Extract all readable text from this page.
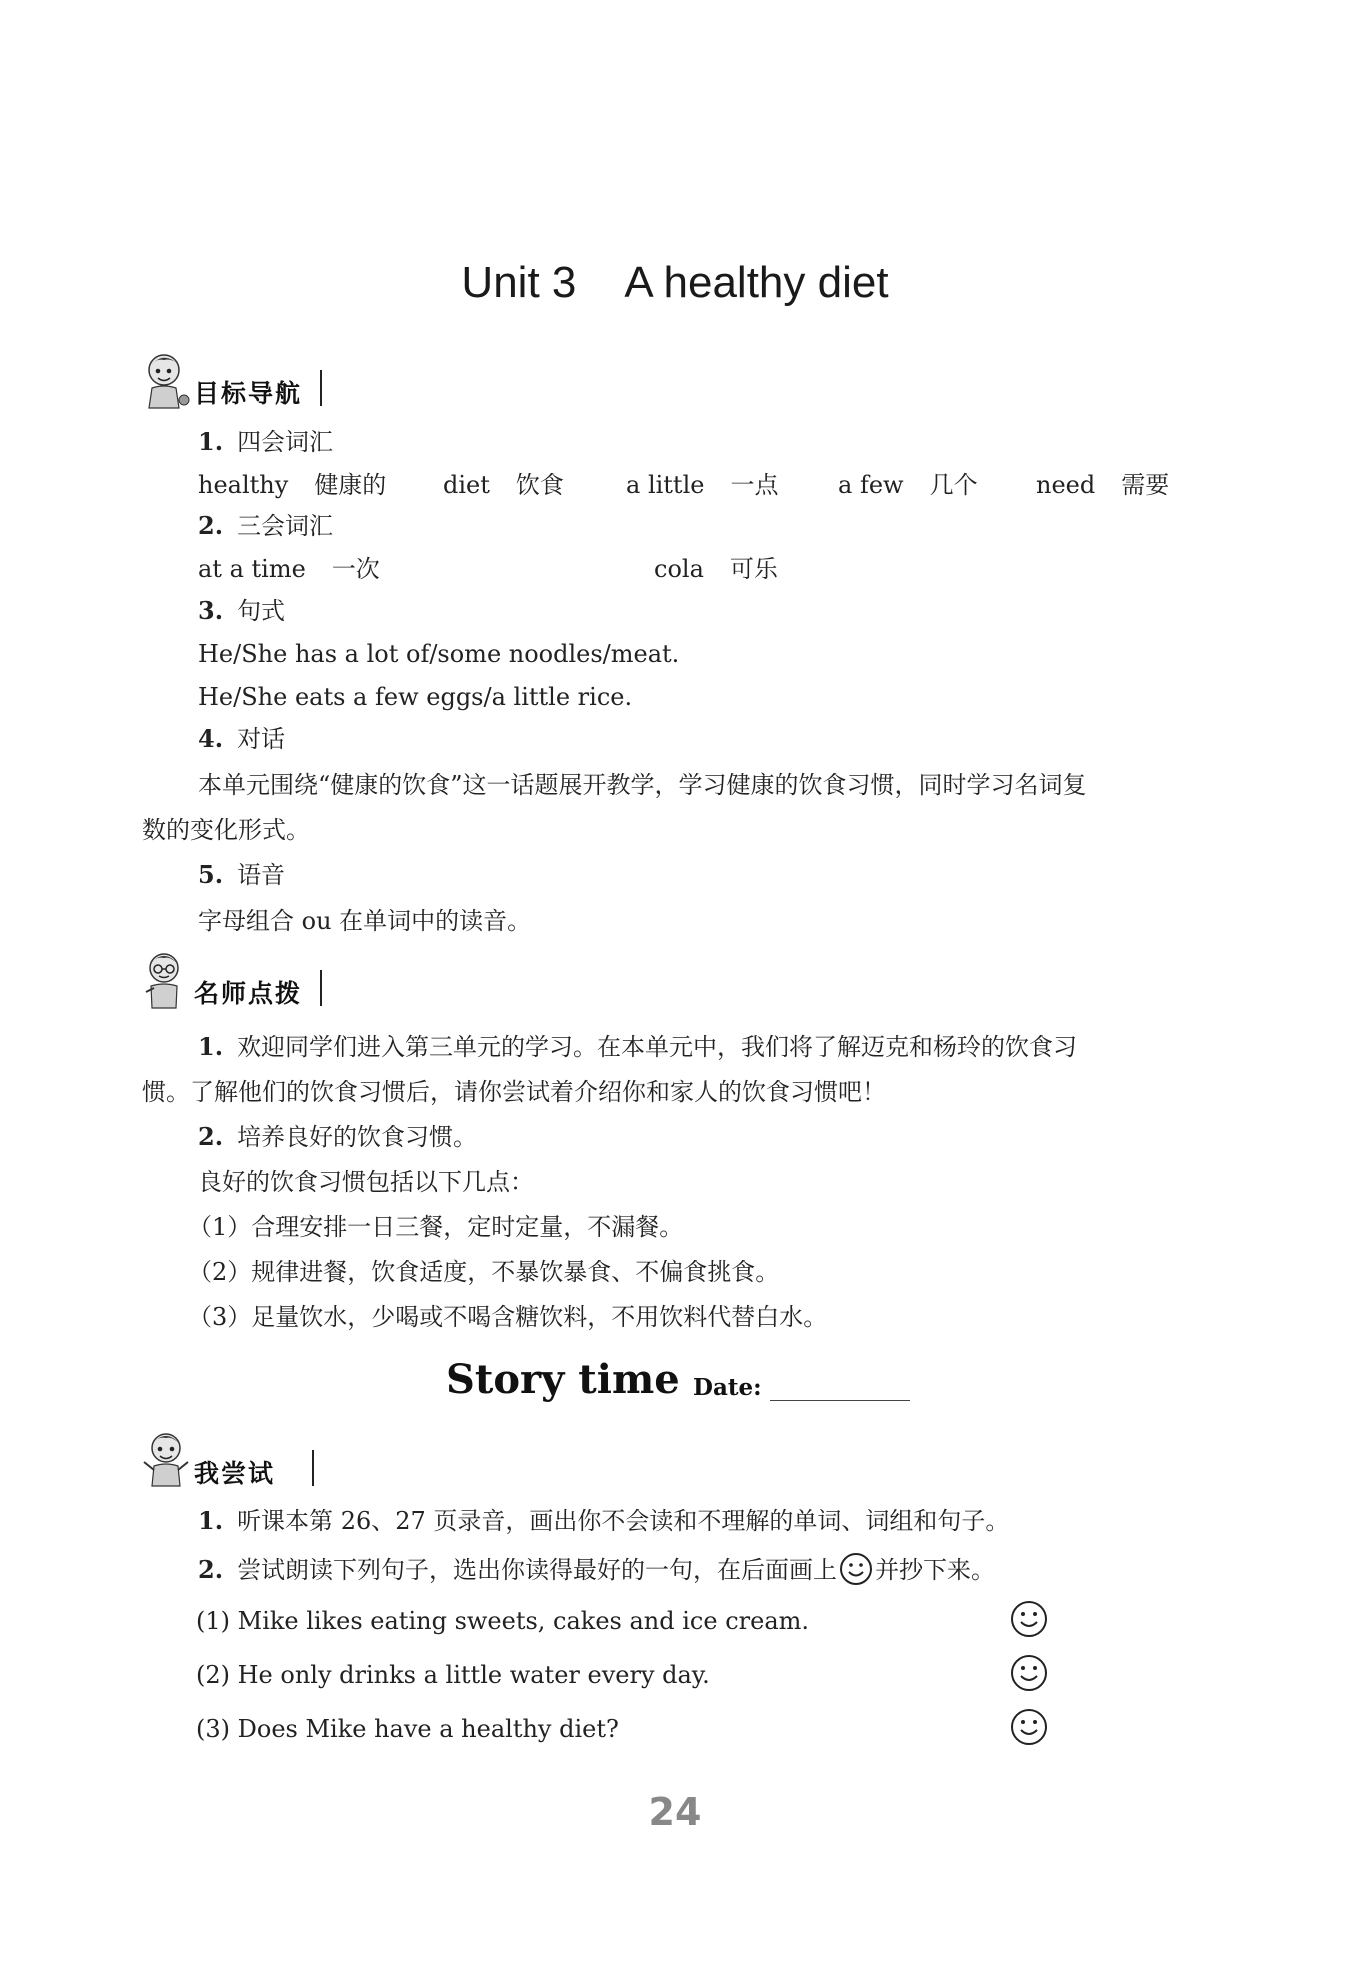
Unit 3 A healthy diet
目标导航
1. 四会词汇
healthy 健康的 diet 饮食	a little 一点 a few 几个 need 需要
2. 三会词汇
at a time 一次	cola 可乐
3. 句式
He/She has a lot of/some noodles/meat.
He/She eats a few eggs/a little rice.
4. 对话
本单元围绕“健康的饮食”这一话题展开教学，学习健康的饮食习惯，同时学习名词复
数的变化形式。
5. 语音
字母组合 ou 在单词中的读音。
名师点拨
1. 欢迎同学们进入第三单元的学习。在本单元中，我们将了解迈克和杨玲的饮食习
惯。了解他们的饮食习惯后，请你尝试着介绍你和家人的饮食习惯吧！
2. 培养良好的饮食习惯。
良好的饮食习惯包括以下几点：
（1）合理安排一日三餐，定时定量，不漏餐。
（2）规律进餐，饮食适度，不暴饮暴食、不偏食挑食。
（3）足量饮水，少喝或不喝含糖饮料，不用饮料代替白水。
Story time Date:
我尝试
1. 听课本第 26、27 页录音，画出你不会读和不理解的单词、词组和句子。
2. 尝试朗读下列句子，选出你读得最好的一句，在后面画上 并抄下来。
(1) Mike likes eating sweets, cakes and ice cream.
(2) He only drinks a little water every day.
(3) Does Mike have a healthy diet?
24
